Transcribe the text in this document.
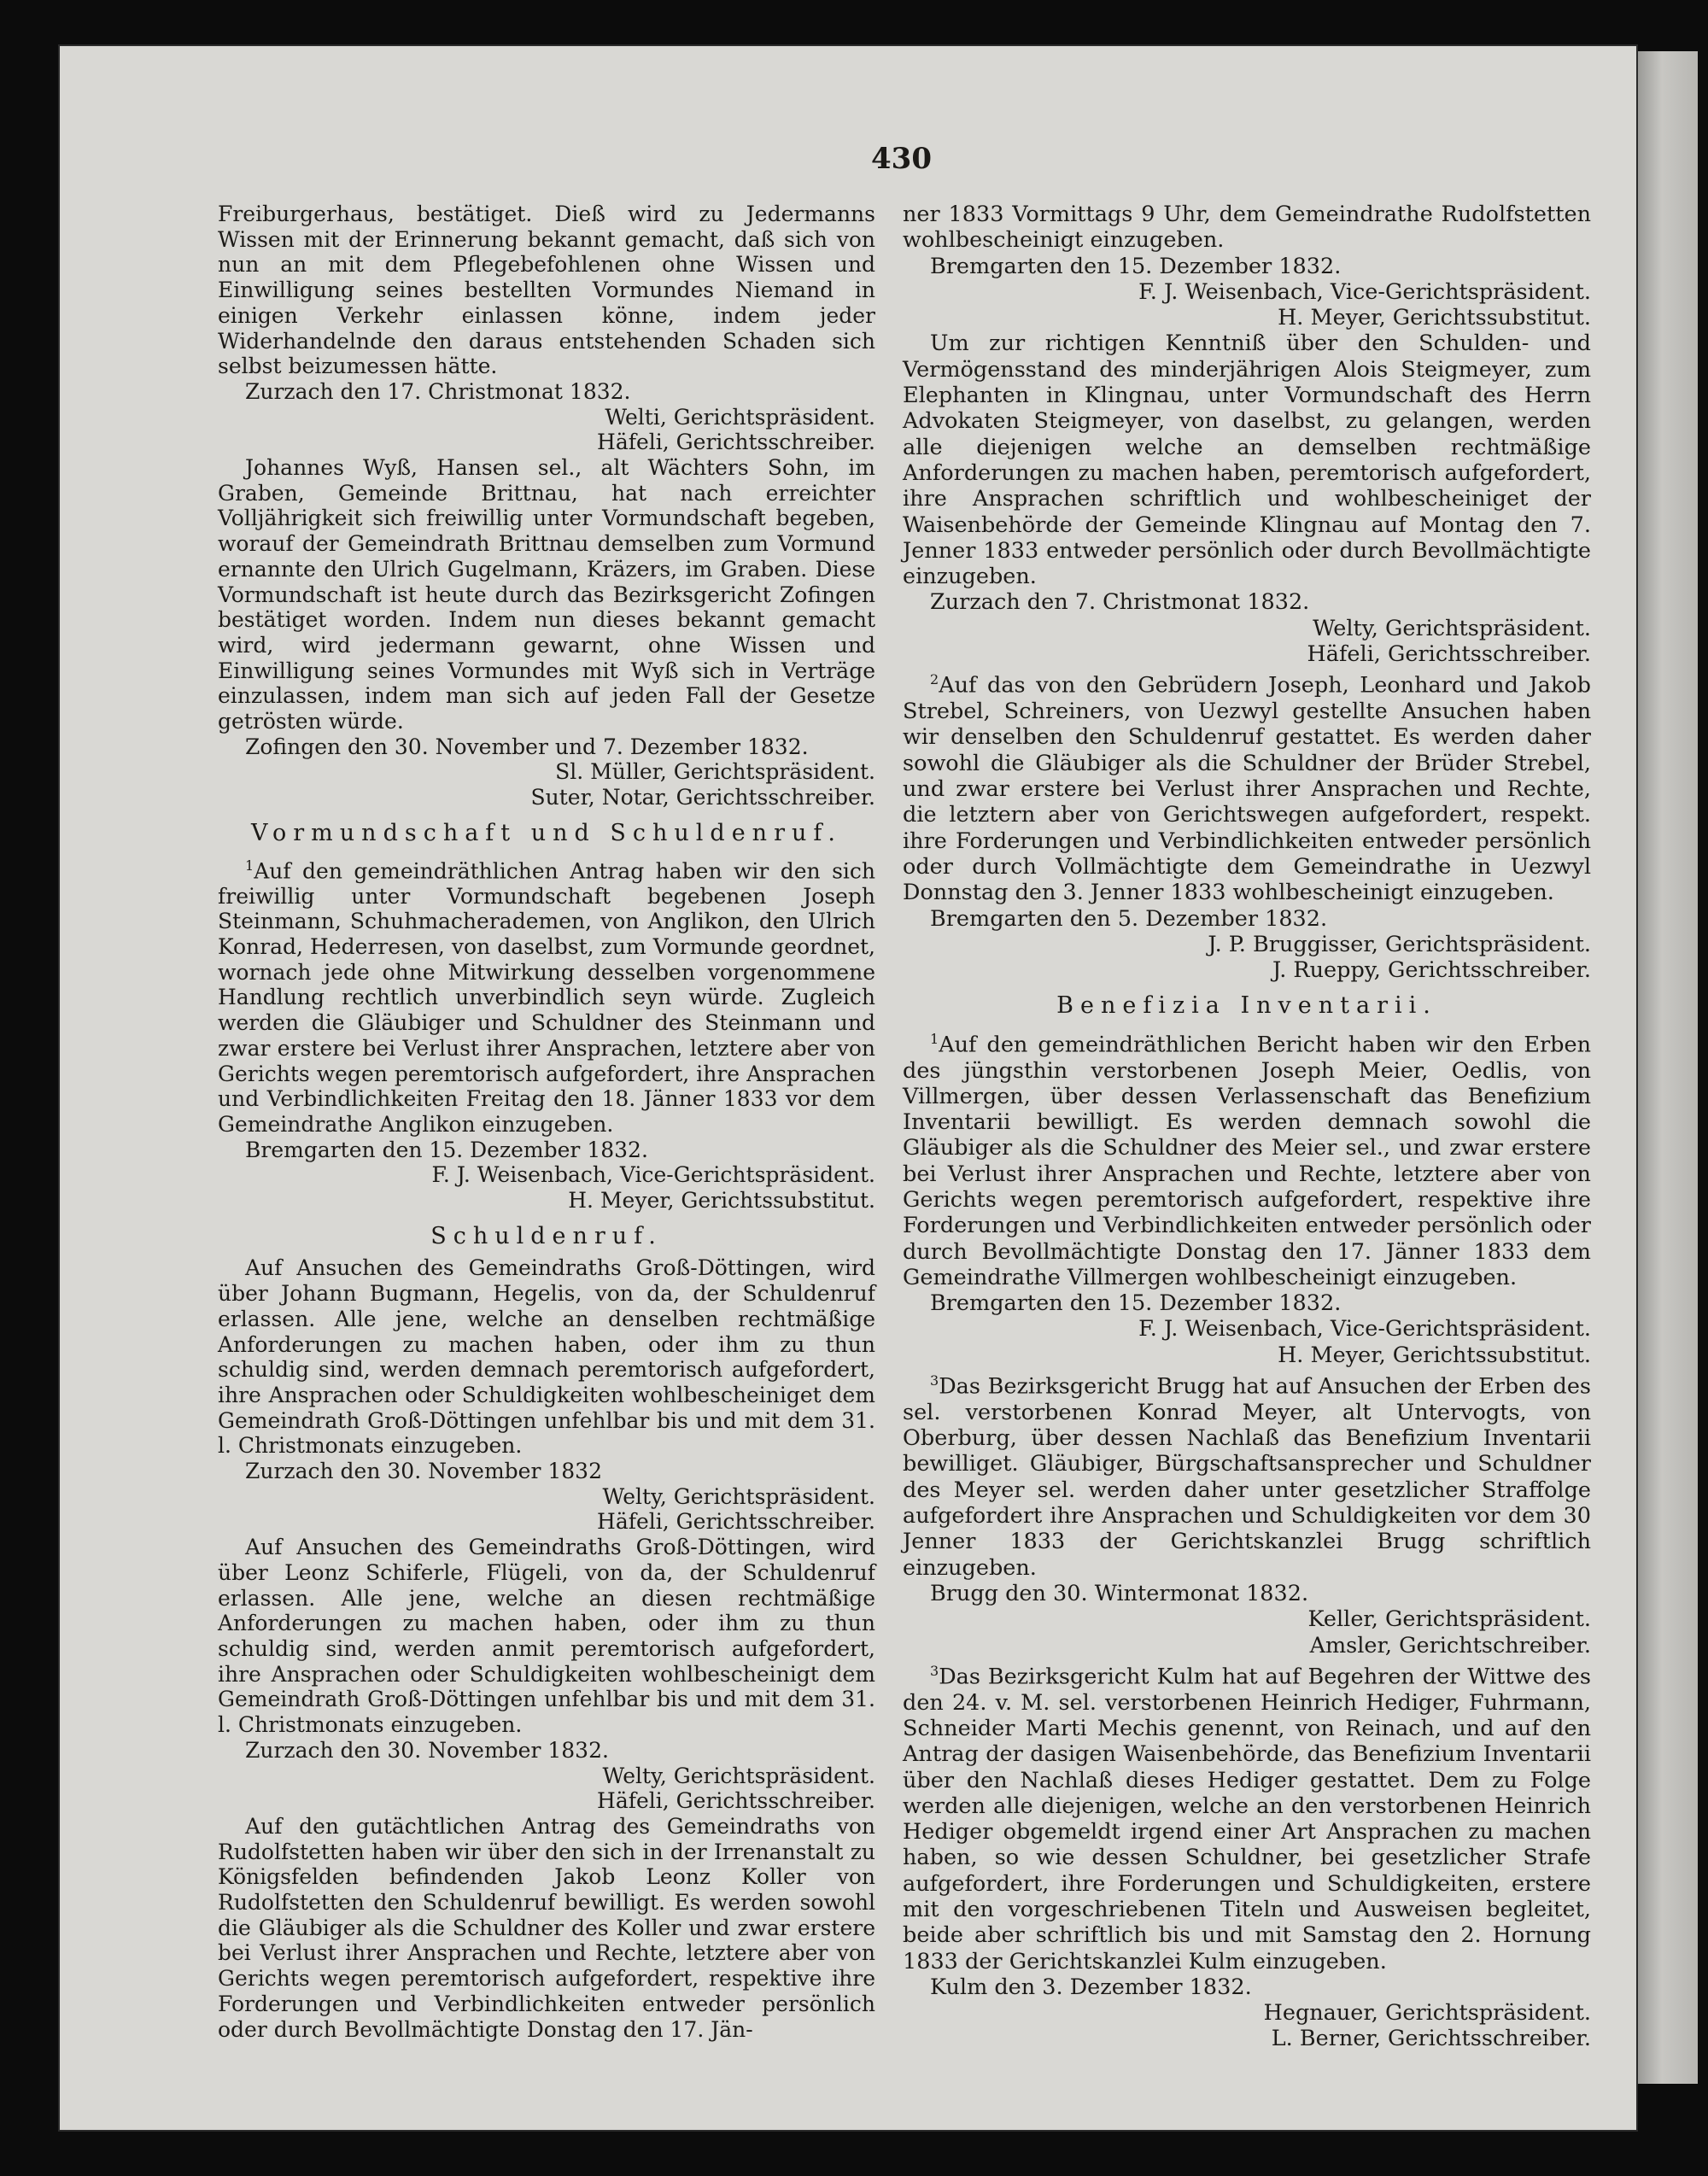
430
Freiburgerhaus, bestätiget. Dieß wird zu Jedermanns Wissen mit der Erinnerung bekannt gemacht, daß sich von nun an mit dem Pflegebefohlenen ohne Wissen und Einwilligung seines bestellten Vormundes Niemand in einigen Verkehr einlassen könne, indem jeder Widerhandelnde den daraus entstehenden Schaden sich selbst beizumessen hätte.
Zurzach den 17. Christmonat 1832.
Welti, Gerichtspräsident.
Häfeli, Gerichtsschreiber.
Johannes Wyß, Hansen sel., alt Wächters Sohn, im Graben, Gemeinde Brittnau, hat nach erreichter Volljährigkeit sich freiwillig unter Vormundschaft begeben, worauf der Gemeindrath Brittnau demselben zum Vormund ernannte den Ulrich Gugelmann, Kräzers, im Graben. Diese Vormundschaft ist heute durch das Bezirksgericht Zofingen bestätiget worden. Indem nun dieses bekannt gemacht wird, wird jedermann gewarnt, ohne Wissen und Einwilligung seines Vormundes mit Wyß sich in Verträge einzulassen, indem man sich auf jeden Fall der Gesetze getrösten würde.
Zofingen den 30. November und 7. Dezember 1832.
Sl. Müller, Gerichtspräsident.
Suter, Notar, Gerichtsschreiber.
Vormundschaft und Schuldenruf.
1 Auf den gemeindräthlichen Antrag haben wir den sich freiwillig unter Vormundschaft begebenen Joseph Steinmann, Schuhmacherademen, von Anglikon, den Ulrich Konrad, Hederresen, von daselbst, zum Vormunde geordnet, wornach jede ohne Mitwirkung desselben vorgenommene Handlung rechtlich unverbindlich seyn würde. Zugleich werden die Gläubiger und Schuldner des Steinmann und zwar erstere bei Verlust ihrer Ansprachen, letztere aber von Gerichts wegen peremtorisch aufgefordert, ihre Ansprachen und Verbindlichkeiten Freitag den 18. Jänner 1833 vor dem Gemeindrathe Anglikon einzugeben.
Bremgarten den 15. Dezember 1832.
F. J. Weisenbach, Vice-Gerichtspräsident.
H. Meyer, Gerichtssubstitut.
Schuldenruf.
Auf Ansuchen des Gemeindraths Groß-Döttingen, wird über Johann Bugmann, Hegelis, von da, der Schuldenruf erlassen. Alle jene, welche an denselben rechtmäßige Anforderungen zu machen haben, oder ihm zu thun schuldig sind, werden demnach peremtorisch aufgefordert, ihre Ansprachen oder Schuldigkeiten wohlbescheiniget dem Gemeindrath Groß-Döttingen unfehlbar bis und mit dem 31. l. Christmonats einzugeben.
Zurzach den 30. November 1832
Welty, Gerichtspräsident.
Häfeli, Gerichtsschreiber.
Auf Ansuchen des Gemeindraths Groß-Döttingen, wird über Leonz Schiferle, Flügeli, von da, der Schuldenruf erlassen. Alle jene, welche an diesen rechtmäßige Anforderungen zu machen haben, oder ihm zu thun schuldig sind, werden anmit peremtorisch aufgefordert, ihre Ansprachen oder Schuldigkeiten wohlbescheinigt dem Gemeindrath Groß-Döttingen unfehlbar bis und mit dem 31. l. Christmonats einzugeben.
Zurzach den 30. November 1832.
Welty, Gerichtspräsident.
Häfeli, Gerichtsschreiber.
Auf den gutächtlichen Antrag des Gemeindraths von Rudolfstetten haben wir über den sich in der Irrenanstalt zu Königsfelden befindenden Jakob Leonz Koller von Rudolfstetten den Schuldenruf bewilligt. Es werden sowohl die Gläubiger als die Schuldner des Koller und zwar erstere bei Verlust ihrer Ansprachen und Rechte, letztere aber von Gerichts wegen peremtorisch aufgefordert, respektive ihre Forderungen und Verbindlichkeiten entweder persönlich oder durch Bevollmächtigte Donstag den 17. Jän-
ner 1833 Vormittags 9 Uhr, dem Gemeindrathe Rudolfstetten wohlbescheinigt einzugeben.
Bremgarten den 15. Dezember 1832.
F. J. Weisenbach, Vice-Gerichtspräsident.
H. Meyer, Gerichtssubstitut.
Um zur richtigen Kenntniß über den Schulden- und Vermögensstand des minderjährigen Alois Steigmeyer, zum Elephanten in Klingnau, unter Vormundschaft des Herrn Advokaten Steigmeyer, von daselbst, zu gelangen, werden alle diejenigen welche an demselben rechtmäßige Anforderungen zu machen haben, peremtorisch aufgefordert, ihre Ansprachen schriftlich und wohlbescheiniget der Waisenbehörde der Gemeinde Klingnau auf Montag den 7. Jenner 1833 entweder persönlich oder durch Bevollmächtigte einzugeben.
Zurzach den 7. Christmonat 1832.
Welty, Gerichtspräsident.
Häfeli, Gerichtsschreiber.
2 Auf das von den Gebrüdern Joseph, Leonhard und Jakob Strebel, Schreiners, von Uezwyl gestellte Ansuchen haben wir denselben den Schuldenruf gestattet. Es werden daher sowohl die Gläubiger als die Schuldner der Brüder Strebel, und zwar erstere bei Verlust ihrer Ansprachen und Rechte, die letztern aber von Gerichtswegen aufgefordert, respekt. ihre Forderungen und Verbindlichkeiten entweder persönlich oder durch Vollmächtigte dem Gemeindrathe in Uezwyl Donnstag den 3. Jenner 1833 wohlbescheinigt einzugeben.
Bremgarten den 5. Dezember 1832.
J. P. Bruggisser, Gerichtspräsident.
J. Rueppy, Gerichtsschreiber.
Benefizia Inventarii.
1 Auf den gemeindräthlichen Bericht haben wir den Erben des jüngsthin verstorbenen Joseph Meier, Oedlis, von Villmergen, über dessen Verlassenschaft das Benefizium Inventarii bewilligt. Es werden demnach sowohl die Gläubiger als die Schuldner des Meier sel., und zwar erstere bei Verlust ihrer Ansprachen und Rechte, letztere aber von Gerichts wegen peremtorisch aufgefordert, respektive ihre Forderungen und Verbindlichkeiten entweder persönlich oder durch Bevollmächtigte Donstag den 17. Jänner 1833 dem Gemeindrathe Villmergen wohlbescheinigt einzugeben.
Bremgarten den 15. Dezember 1832.
F. J. Weisenbach, Vice-Gerichtspräsident.
H. Meyer, Gerichtssubstitut.
3 Das Bezirksgericht Brugg hat auf Ansuchen der Erben des sel. verstorbenen Konrad Meyer, alt Untervogts, von Oberburg, über dessen Nachlaß das Benefizium Inventarii bewilliget. Gläubiger, Bürgschaftsansprecher und Schuldner des Meyer sel. werden daher unter gesetzlicher Straffolge aufgefordert ihre Ansprachen und Schuldigkeiten vor dem 30 Jenner 1833 der Gerichtskanzlei Brugg schriftlich einzugeben.
Brugg den 30. Wintermonat 1832.
Keller, Gerichtspräsident.
Amsler, Gerichtschreiber.
3 Das Bezirksgericht Kulm hat auf Begehren der Wittwe des den 24. v. M. sel. verstorbenen Heinrich Hediger, Fuhrmann, Schneider Marti Mechis genennt, von Reinach, und auf den Antrag der dasigen Waisenbehörde, das Benefizium Inventarii über den Nachlaß dieses Hediger gestattet. Dem zu Folge werden alle diejenigen, welche an den verstorbenen Heinrich Hediger obgemeldt irgend einer Art Ansprachen zu machen haben, so wie dessen Schuldner, bei gesetzlicher Strafe aufgefordert, ihre Forderungen und Schuldigkeiten, erstere mit den vorgeschriebenen Titeln und Ausweisen begleitet, beide aber schriftlich bis und mit Samstag den 2. Hornung 1833 der Gerichtskanzlei Kulm einzugeben.
Kulm den 3. Dezember 1832.
Hegnauer, Gerichtspräsident.
L. Berner, Gerichtsschreiber.
